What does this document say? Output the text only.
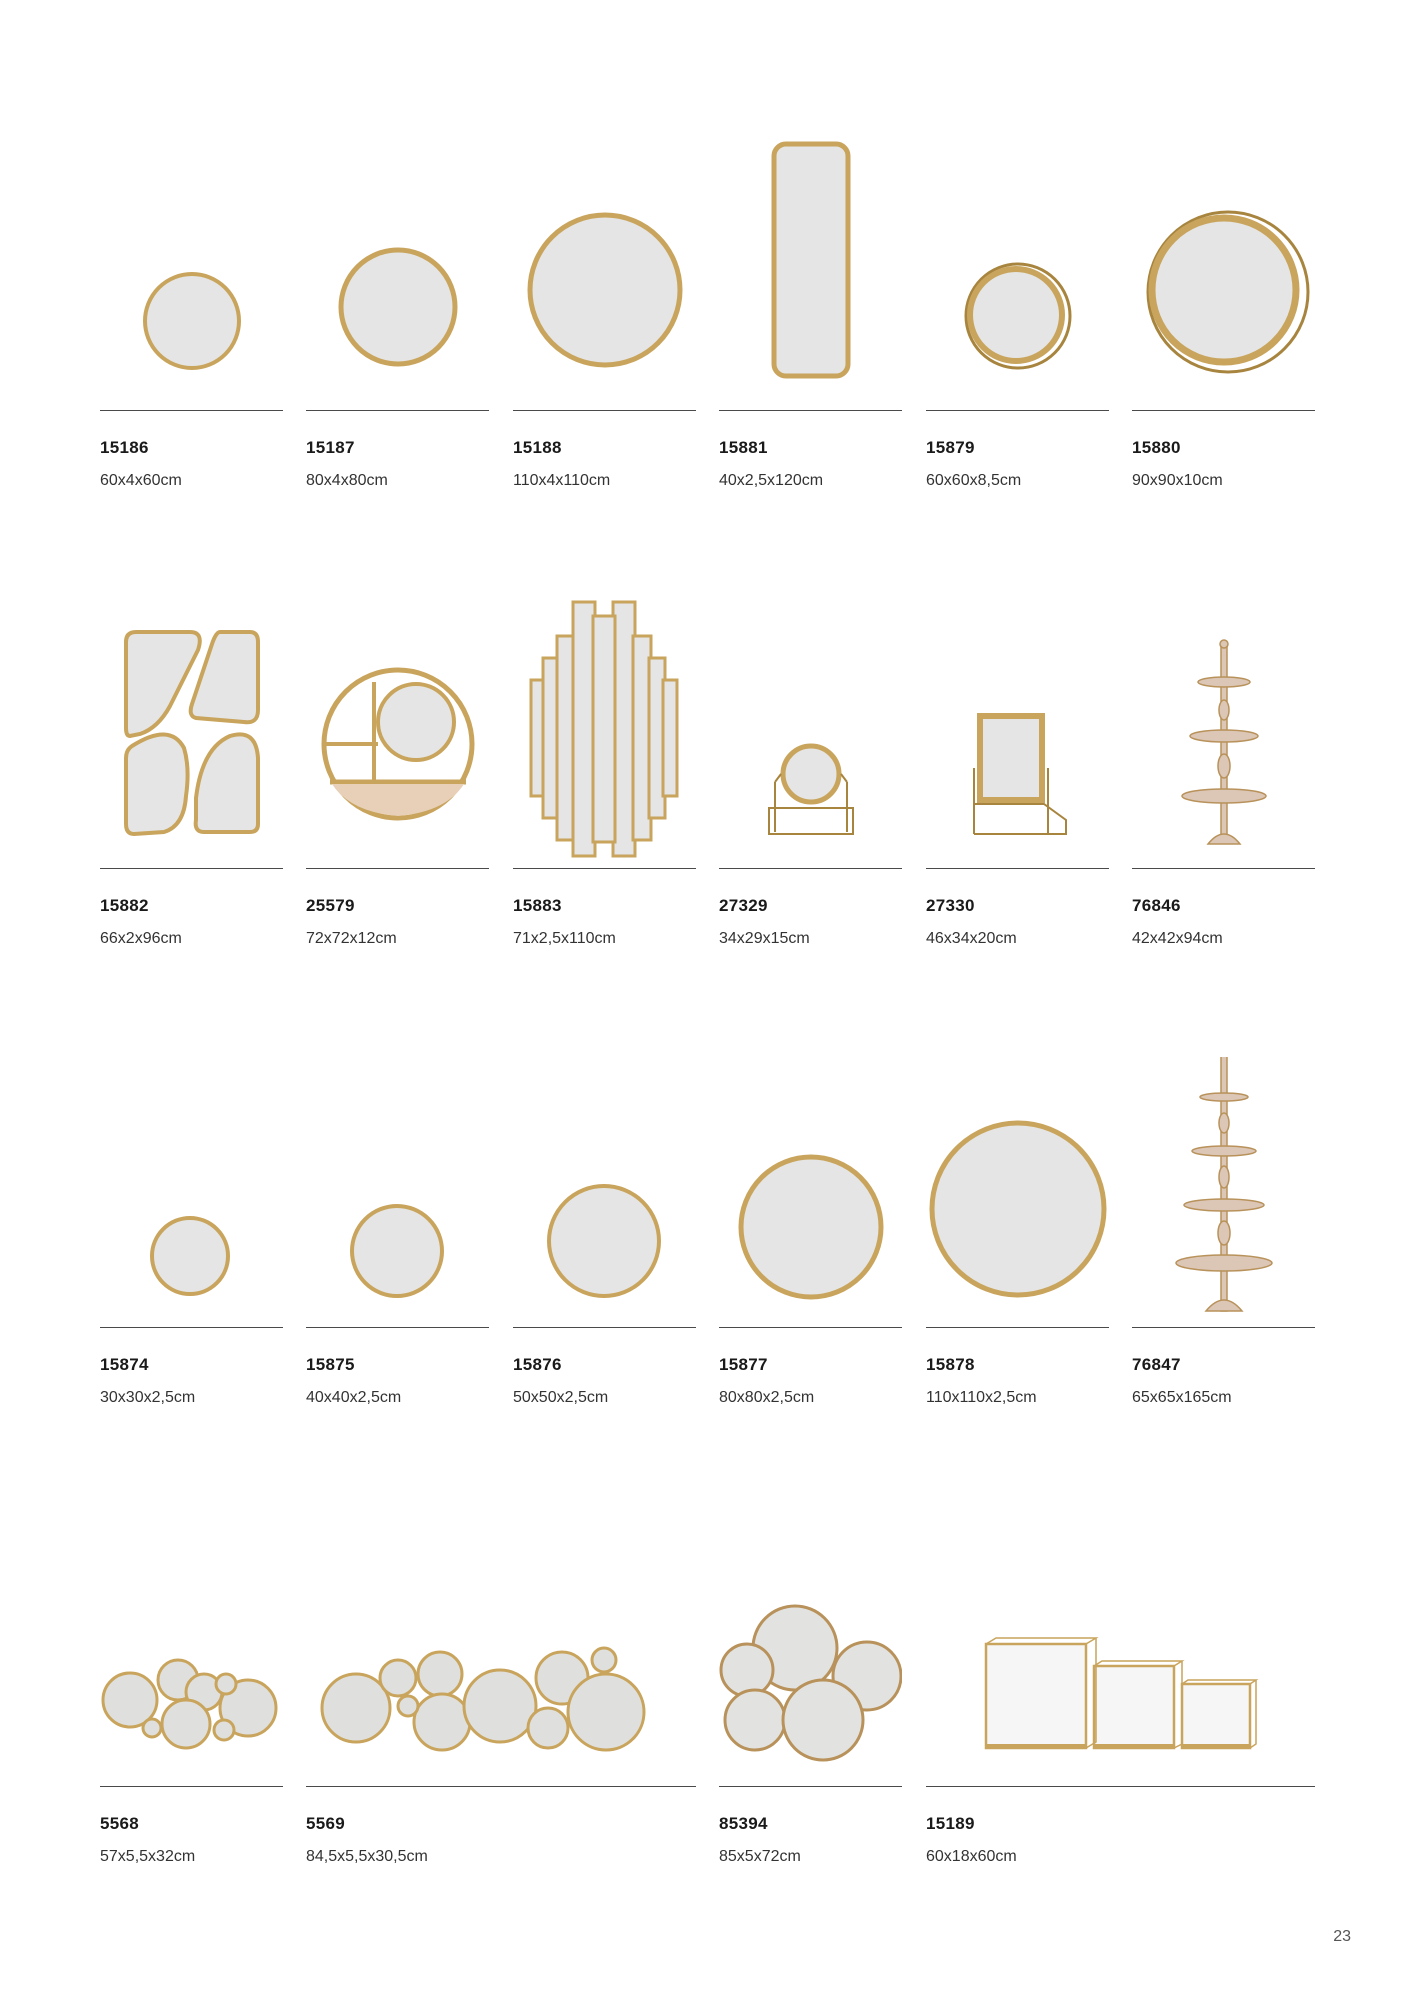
15186
60x4x60cm
15187
80x4x80cm
15188
110x4x110cm
15881
40x2,5x120cm
15879
60x60x8,5cm
15880
90x90x10cm
15882
66x2x96cm
25579
72x72x12cm
15883
71x2,5x110cm
27329
34x29x15cm
27330
46x34x20cm
76846
42x42x94cm
15874
30x30x2,5cm
15875
40x40x2,5cm
15876
50x50x2,5cm
15877
80x80x2,5cm
15878
110x110x2,5cm
76847
65x65x165cm
5568
57x5,5x32cm
5569
84,5x5,5x30,5cm
85394
85x5x72cm
15189
60x18x60cm
23
